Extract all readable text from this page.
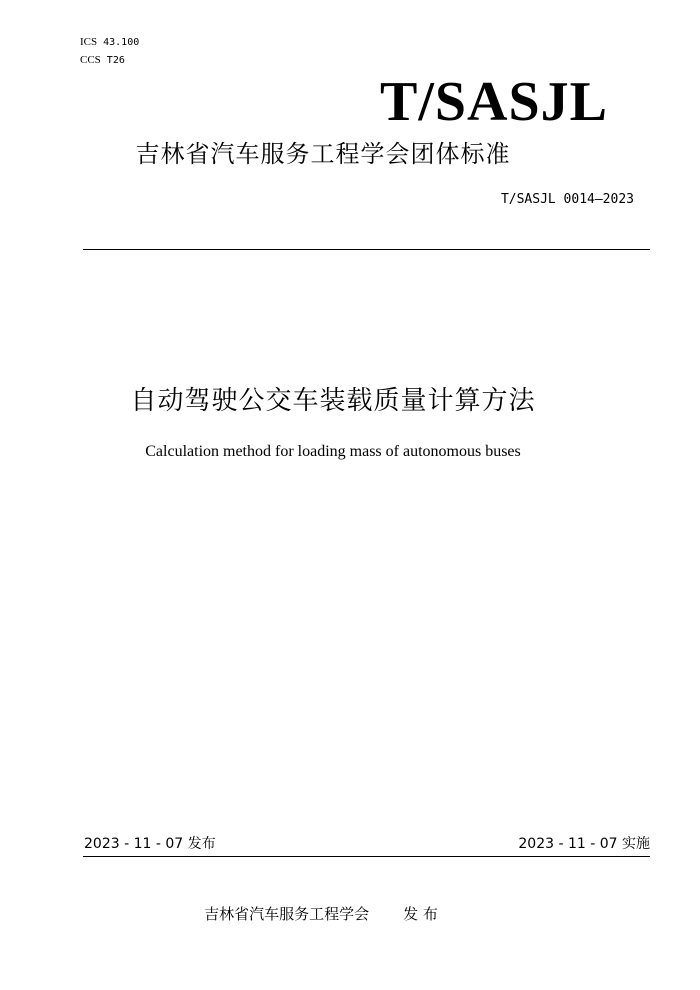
ICS 43.100
CCS T26
T/SASJL
吉林省汽车服务工程学会团体标准
T/SASJL 0014—2023
自动驾驶公交车装载质量计算方法
Calculation method for loading mass of autonomous buses
2023 - 11 - 07 发布	2023 - 11 - 07 实施
吉林省汽车服务工程学会 发 布
